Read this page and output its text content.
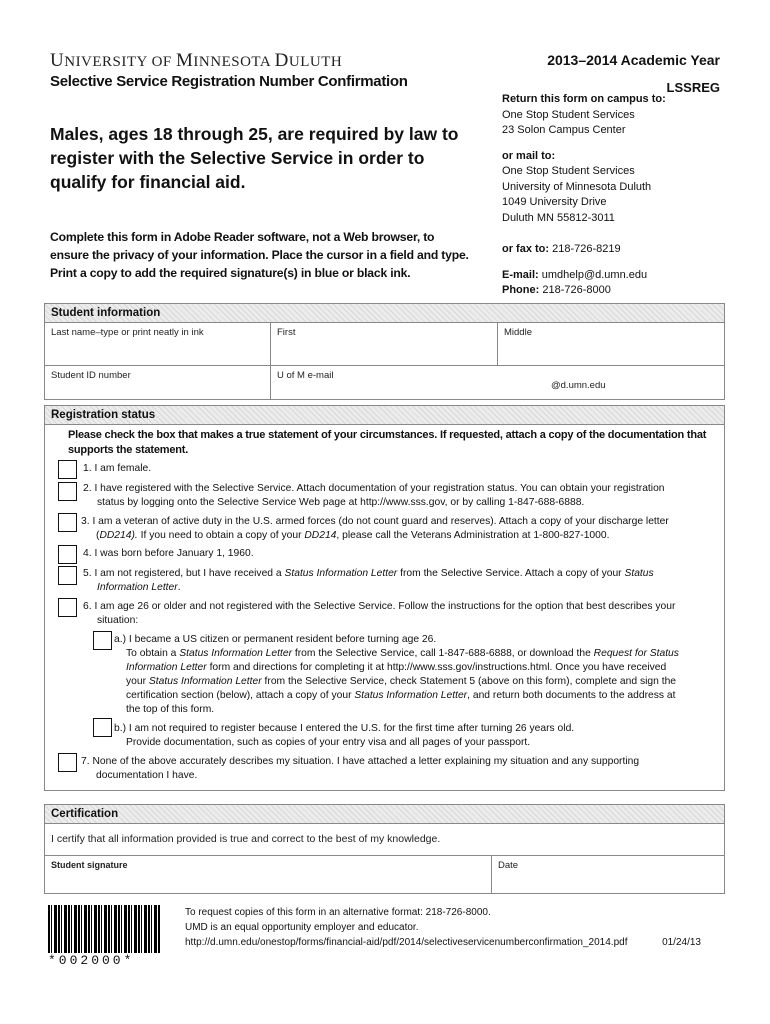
UNIVERSITY OF MINNESOTA DULUTH
Selective Service Registration Number Confirmation
2013–2014 Academic Year
LSSREG
Males, ages 18 through 25, are required by law to register with the Selective Service in order to qualify for financial aid.
Complete this form in Adobe Reader software, not a Web browser, to ensure the privacy of your information. Place the cursor in a field and type. Print a copy to add the required signature(s) in blue or black ink.
Return this form on campus to:
One Stop Student Services
23 Solon Campus Center
or mail to:
One Stop Student Services
University of Minnesota Duluth
1049 University Drive
Duluth MN 55812-3011
or fax to: 218-726-8219
E-mail: umdhelp@d.umn.edu
Phone: 218-726-8000
Student information
Last name–type or print neatly in ink	First	Middle
Student ID number	U of M e-mail
@d.umn.edu
Registration status
Please check the box that makes a true statement of your circumstances. If requested, attach a copy of the documentation that supports the statement.
1. I am female.
2. I have registered with the Selective Service. Attach documentation of your registration status. You can obtain your registration
status by logging onto the Selective Service Web page at http://www.sss.gov, or by calling 1-847-688-6888.
3. I am a veteran of active duty in the U.S. armed forces (do not count guard and reserves). Attach a copy of your discharge letter
(DD214). If you need to obtain a copy of your DD214, please call the Veterans Administration at 1-800-827-1000.
4. I was born before January 1, 1960.
5. I am not registered, but I have received a Status Information Letter from the Selective Service. Attach a copy of your Status
Information Letter.
6. I am age 26 or older and not registered with the Selective Service. Follow the instructions for the option that best describes your
situation:
a.) I became a US citizen or permanent resident before turning age 26.
To obtain a Status Information Letter from the Selective Service, call 1-847-688-6888, or download the Request for Status
Information Letter form and directions for completing it at http://www.sss.gov/instructions.html. Once you have received
your Status Information Letter from the Selective Service, check Statement 5 (above on this form), complete and sign the
certification section (below), attach a copy of your Status Information Letter, and return both documents to the address at
the top of this form.
b.) I am not required to register because I entered the U.S. for the first time after turning 26 years old.
Provide documentation, such as copies of your entry visa and all pages of your passport.
7. None of the above accurately describes my situation. I have attached a letter explaining my situation and any supporting
documentation I have.
Certification
I certify that all information provided is true and correct to the best of my knowledge.
Student signature	Date
*002000*
To request copies of this form in an alternative format: 218-726-8000.
UMD is an equal opportunity employer and educator.
http://d.umn.edu/onestop/forms/financial-aid/pdf/2014/selectiveservicenumberconfirmation_2014.pdf	01/24/13
